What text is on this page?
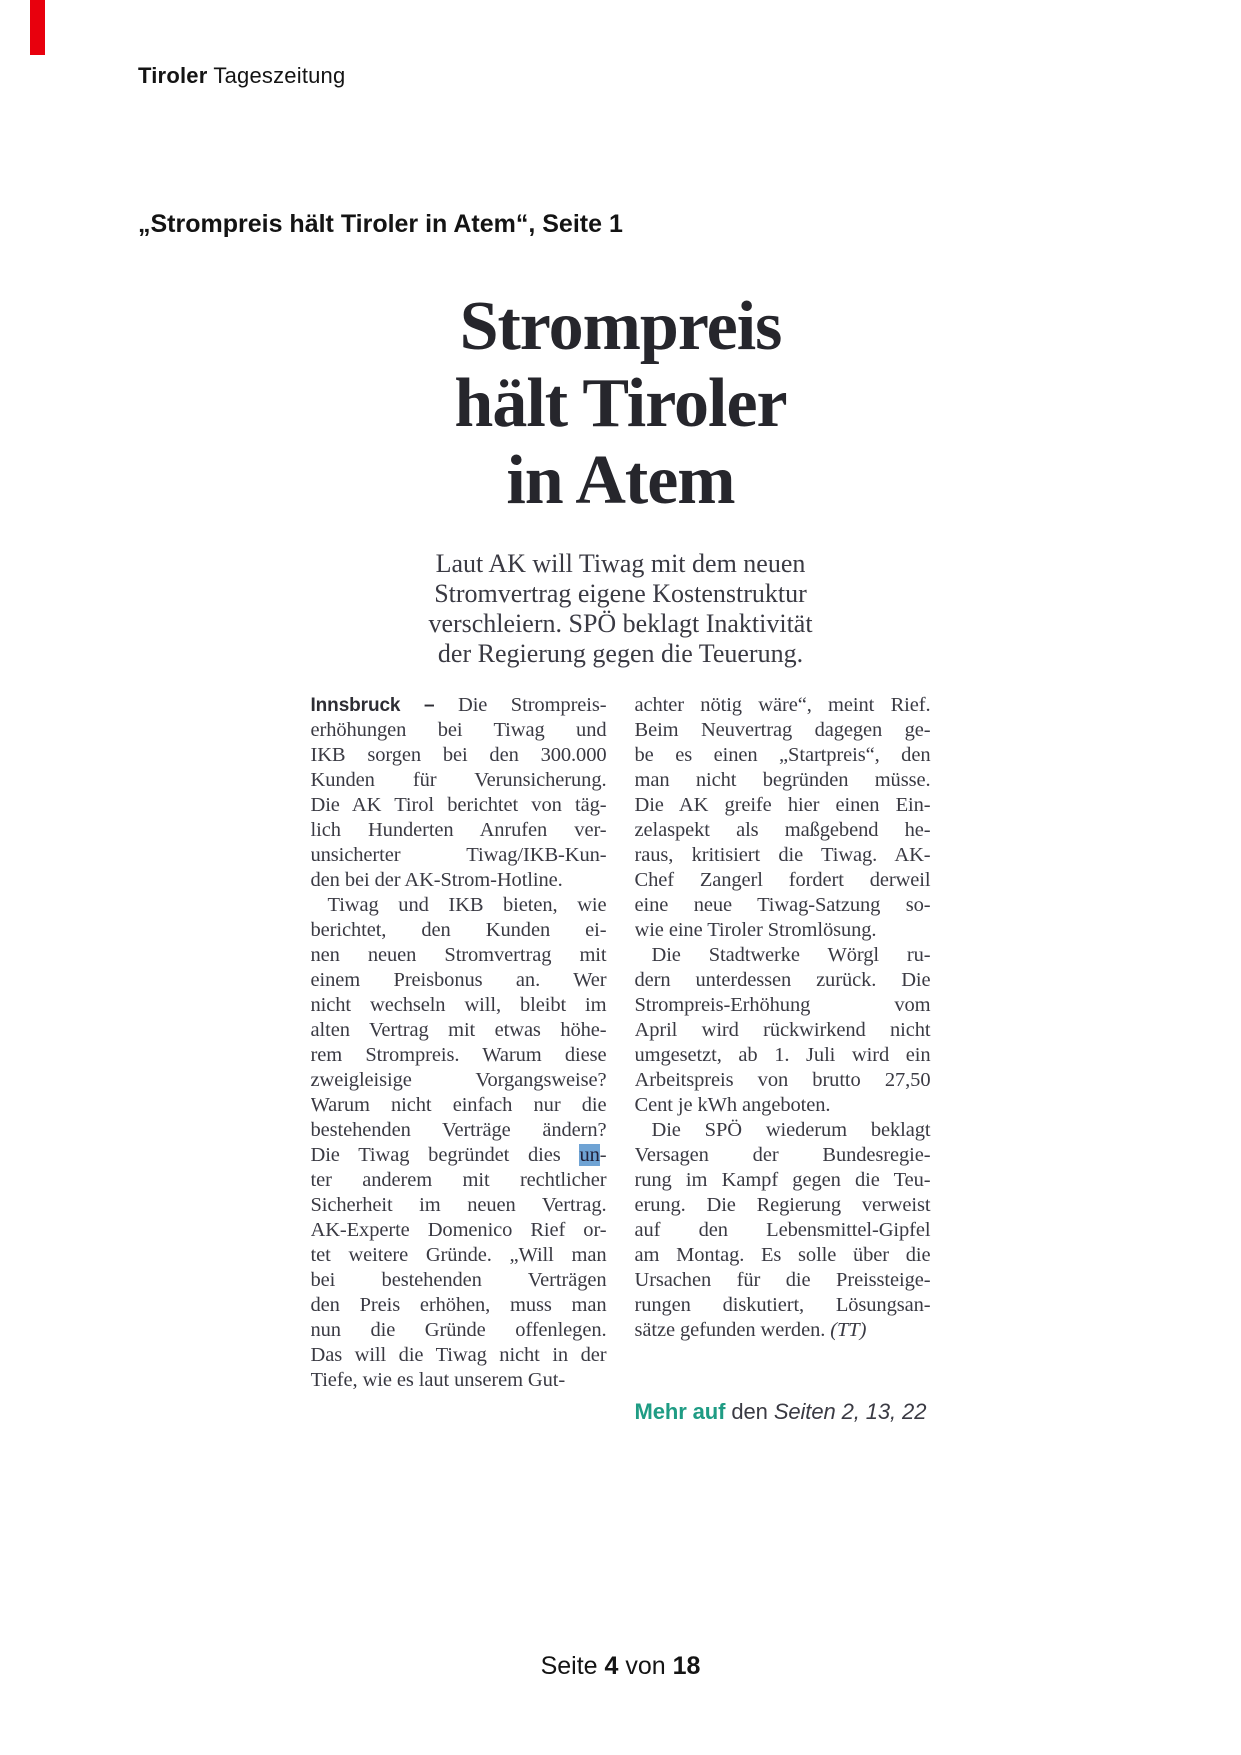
Tiroler Tageszeitung
„Strompreis hält Tiroler in Atem“, Seite 1
Strompreis
hält Tiroler
in Atem
Laut AK will Tiwag mit dem neuen
Stromvertrag eigene Kostenstruktur
verschleiern. SPÖ beklagt Inaktivität
der Regierung gegen die Teuerung.
Innsbruck – Die Strompreis-
erhöhungen bei Tiwag und
IKB sorgen bei den 300.000
Kunden für Verunsicherung.
Die AK Tirol berichtet von täg-
lich Hunderten Anrufen ver-
unsicherter Tiwag/IKB-Kun-
den bei der AK-Strom-Hotline.
Tiwag und IKB bieten, wie
berichtet, den Kunden ei-
nen neuen Stromvertrag mit
einem Preisbonus an. Wer
nicht wechseln will, bleibt im
alten Vertrag mit etwas höhe-
rem Strompreis. Warum diese
zweigleisige Vorgangsweise?
Warum nicht einfach nur die
bestehenden Verträge ändern?
Die Tiwag begründet dies un-
ter anderem mit rechtlicher
Sicherheit im neuen Vertrag.
AK-Experte Domenico Rief or-
tet weitere Gründe. „Will man
bei bestehenden Verträgen
den Preis erhöhen, muss man
nun die Gründe offenlegen.
Das will die Tiwag nicht in der
Tiefe, wie es laut unserem Gut-
achter nötig wäre“, meint Rief.
Beim Neuvertrag dagegen ge-
be es einen „Startpreis“, den
man nicht begründen müsse.
Die AK greife hier einen Ein-
zelaspekt als maßgebend he-
raus, kritisiert die Tiwag. AK-
Chef Zangerl fordert derweil
eine neue Tiwag-Satzung so-
wie eine Tiroler Stromlösung.
Die Stadtwerke Wörgl ru-
dern unterdessen zurück. Die
Strompreis-Erhöhung vom
April wird rückwirkend nicht
umgesetzt, ab 1. Juli wird ein
Arbeitspreis von brutto 27,50
Cent je kWh angeboten.
Die SPÖ wiederum beklagt
Versagen der Bundesregie-
rung im Kampf gegen die Teu-
erung. Die Regierung verweist
auf den Lebensmittel-Gipfel
am Montag. Es solle über die
Ursachen für die Preissteige-
rungen diskutiert, Lösungsan-
sätze gefunden werden. (TT)
Mehr auf den Seiten 2, 13, 22
Seite 4 von 18
